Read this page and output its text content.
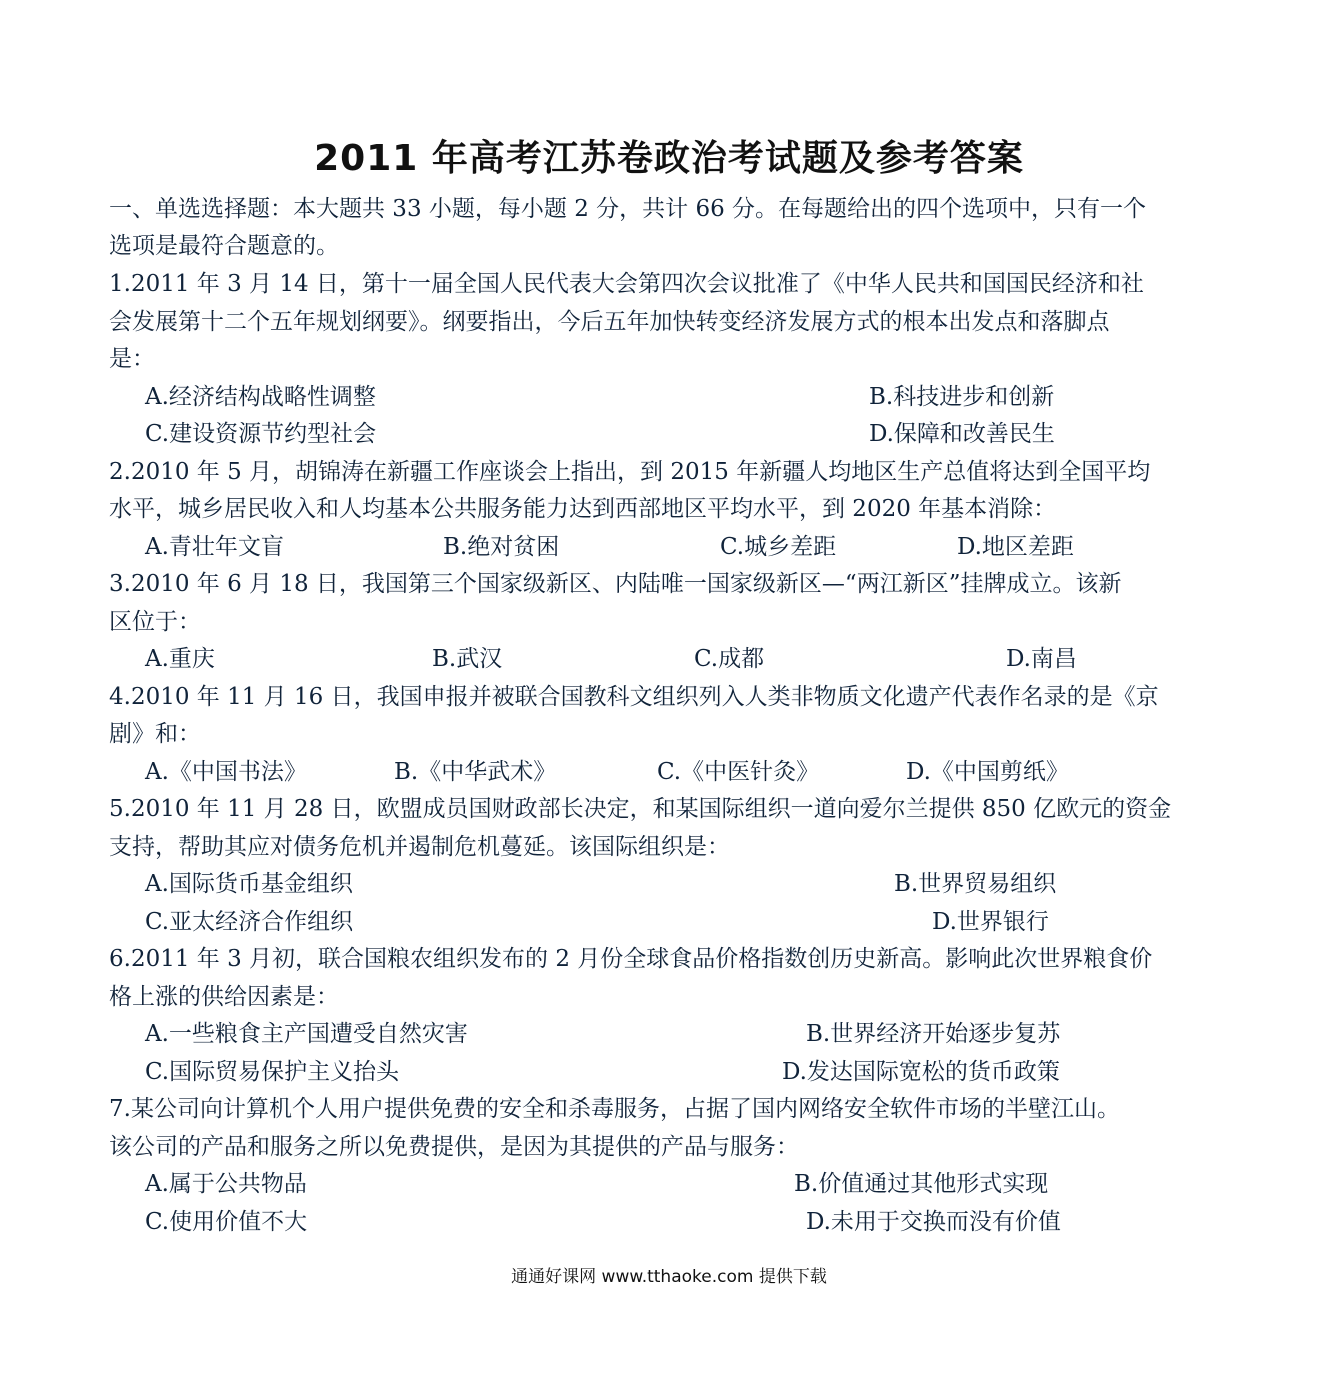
2011 年高考江苏卷政治考试题及参考答案
一、单选选择题：本大题共 33 小题，每小题 2 分，共计 66 分。在每题给出的四个选项中，只有一个
选项是最符合题意的。
1.2011 年 3 月 14 日，第十一届全国人民代表大会第四次会议批准了《中华人民共和国国民经济和社
会发展第十二个五年规划纲要》。纲要指出，今后五年加快转变经济发展方式的根本出发点和落脚点
是：
A.经济结构战略性调整	B.科技进步和创新
C.建设资源节约型社会	D.保障和改善民生
2.2010 年 5 月，胡锦涛在新疆工作座谈会上指出，到 2015 年新疆人均地区生产总值将达到全国平均
水平，城乡居民收入和人均基本公共服务能力达到西部地区平均水平，到 2020 年基本消除：
A.青壮年文盲	B.绝对贫困	C.城乡差距	D.地区差距
3.2010 年 6 月 18 日，我国第三个国家级新区、内陆唯一国家级新区—“两江新区”挂牌成立。该新
区位于：
A.重庆	B.武汉	C.成都	D.南昌
4.2010 年 11 月 16 日，我国申报并被联合国教科文组织列入人类非物质文化遗产代表作名录的是《京
剧》和：
A.《中国书法》	B.《中华武术》	C.《中医针灸》	D.《中国剪纸》
5.2010 年 11 月 28 日，欧盟成员国财政部长决定，和某国际组织一道向爱尔兰提供 850 亿欧元的资金
支持，帮助其应对债务危机并遏制危机蔓延。该国际组织是：
A.国际货币基金组织	B.世界贸易组织
C.亚太经济合作组织	D.世界银行
6.2011 年 3 月初，联合国粮农组织发布的 2 月份全球食品价格指数创历史新高。影响此次世界粮食价
格上涨的供给因素是：
A.一些粮食主产国遭受自然灾害	B.世界经济开始逐步复苏
C.国际贸易保护主义抬头	D.发达国际宽松的货币政策
7.某公司向计算机个人用户提供免费的安全和杀毒服务，占据了国内网络安全软件市场的半壁江山。
该公司的产品和服务之所以免费提供，是因为其提供的产品与服务：
A.属于公共物品	B.价值通过其他形式实现
C.使用价值不大	D.未用于交换而没有价值
通通好课网 www.tthaoke.com 提供下载
